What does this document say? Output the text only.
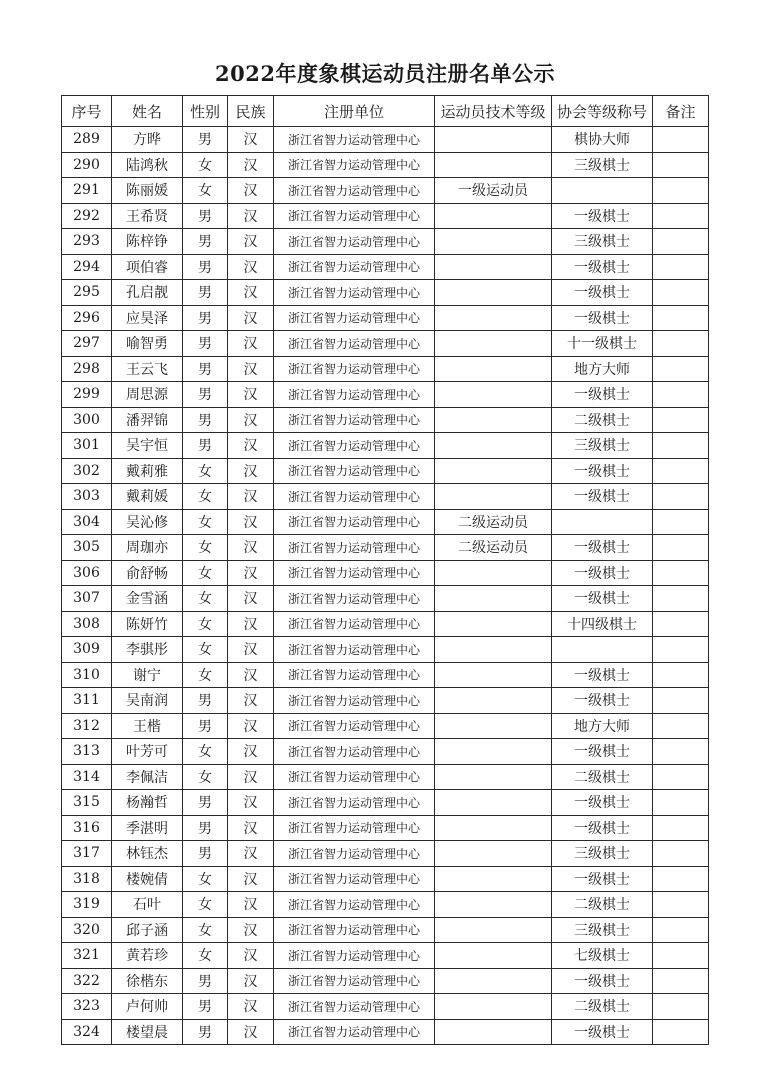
2022年度象棋运动员注册名单公示
序号	姓名	性别	民族	注册单位	运动员技术等级	协会等级称号	备注
289	方晔	男	汉	浙江省智力运动管理中心		棋协大师	
290	陆鸿秋	女	汉	浙江省智力运动管理中心		三级棋士	
291	陈丽媛	女	汉	浙江省智力运动管理中心	一级运动员		
292	王希贤	男	汉	浙江省智力运动管理中心		一级棋士	
293	陈梓铮	男	汉	浙江省智力运动管理中心		三级棋士	
294	项伯睿	男	汉	浙江省智力运动管理中心		一级棋士	
295	孔启靓	男	汉	浙江省智力运动管理中心		一级棋士	
296	应昊泽	男	汉	浙江省智力运动管理中心		一级棋士	
297	喻智勇	男	汉	浙江省智力运动管理中心		十一级棋士	
298	王云飞	男	汉	浙江省智力运动管理中心		地方大师	
299	周思源	男	汉	浙江省智力运动管理中心		一级棋士	
300	潘羿锦	男	汉	浙江省智力运动管理中心		二级棋士	
301	吴宇恒	男	汉	浙江省智力运动管理中心		三级棋士	
302	戴莉雅	女	汉	浙江省智力运动管理中心		一级棋士	
303	戴莉媛	女	汉	浙江省智力运动管理中心		一级棋士	
304	吴沁修	女	汉	浙江省智力运动管理中心	二级运动员		
305	周珈亦	女	汉	浙江省智力运动管理中心	二级运动员	一级棋士	
306	俞舒畅	女	汉	浙江省智力运动管理中心		一级棋士	
307	金雪涵	女	汉	浙江省智力运动管理中心		一级棋士	
308	陈妍竹	女	汉	浙江省智力运动管理中心		十四级棋士	
309	李骐彤	女	汉	浙江省智力运动管理中心			
310	谢宁	女	汉	浙江省智力运动管理中心		一级棋士	
311	吴南润	男	汉	浙江省智力运动管理中心		一级棋士	
312	王楷	男	汉	浙江省智力运动管理中心		地方大师	
313	叶芳可	女	汉	浙江省智力运动管理中心		一级棋士	
314	李佩洁	女	汉	浙江省智力运动管理中心		二级棋士	
315	杨瀚哲	男	汉	浙江省智力运动管理中心		一级棋士	
316	季湛明	男	汉	浙江省智力运动管理中心		一级棋士	
317	林钰杰	男	汉	浙江省智力运动管理中心		三级棋士	
318	楼婉倩	女	汉	浙江省智力运动管理中心		一级棋士	
319	石叶	女	汉	浙江省智力运动管理中心		二级棋士	
320	邱子涵	女	汉	浙江省智力运动管理中心		三级棋士	
321	黄若珍	女	汉	浙江省智力运动管理中心		七级棋士	
322	徐楷东	男	汉	浙江省智力运动管理中心		一级棋士	
323	卢何帅	男	汉	浙江省智力运动管理中心		二级棋士	
324	楼望晨	男	汉	浙江省智力运动管理中心		一级棋士	
